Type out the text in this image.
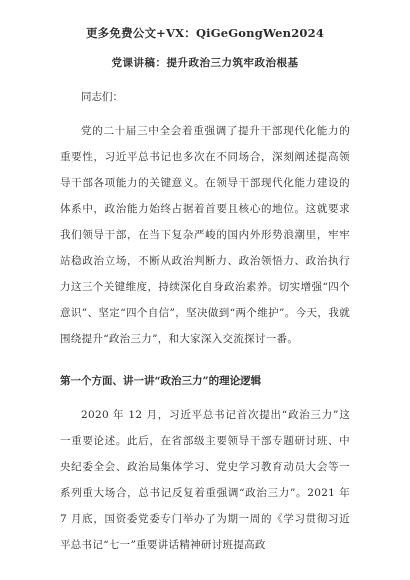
更多免费公文+VX：QiGeGongWen2024
党课讲稿：提升政治三力筑牢政治根基
同志们：

党的二十届三中全会着重强调了提升干部现代化能力的重要性，习近平总书记也多次在不同场合，深刻阐述提高领导干部各项能力的关键意义。在领导干部现代化能力建设的体系中，政治能力始终占据着首要且核心的地位。这就要求我们领导干部，在当下复杂严峻的国内外形势浪潮里，牢牢站稳政治立场，不断从政治判断力、政治领悟力、政治执行力这三个关键维度，持续深化自身政治素养。切实增强“四个意识”、坚定“四个自信”，坚决做到“两个维护”。今天，我就围绕提升“政治三力”，和大家深入交流探讨一番。

第一个方面、讲一讲“政治三力”的理论逻辑

2020 年 12 月，习近平总书记首次提出“政治三力”这一重要论述。此后，在省部级主要领导干部专题研讨班、中央纪委全会、政治局集体学习、党史学习教育动员大会等一系列重大场合，总书记反复着重强调“政治三力”。2021 年 7 月底，国资委党委专门举办了为期一周的《学习贯彻习近平总书记“七一”重要讲话精神研讨班提高政
